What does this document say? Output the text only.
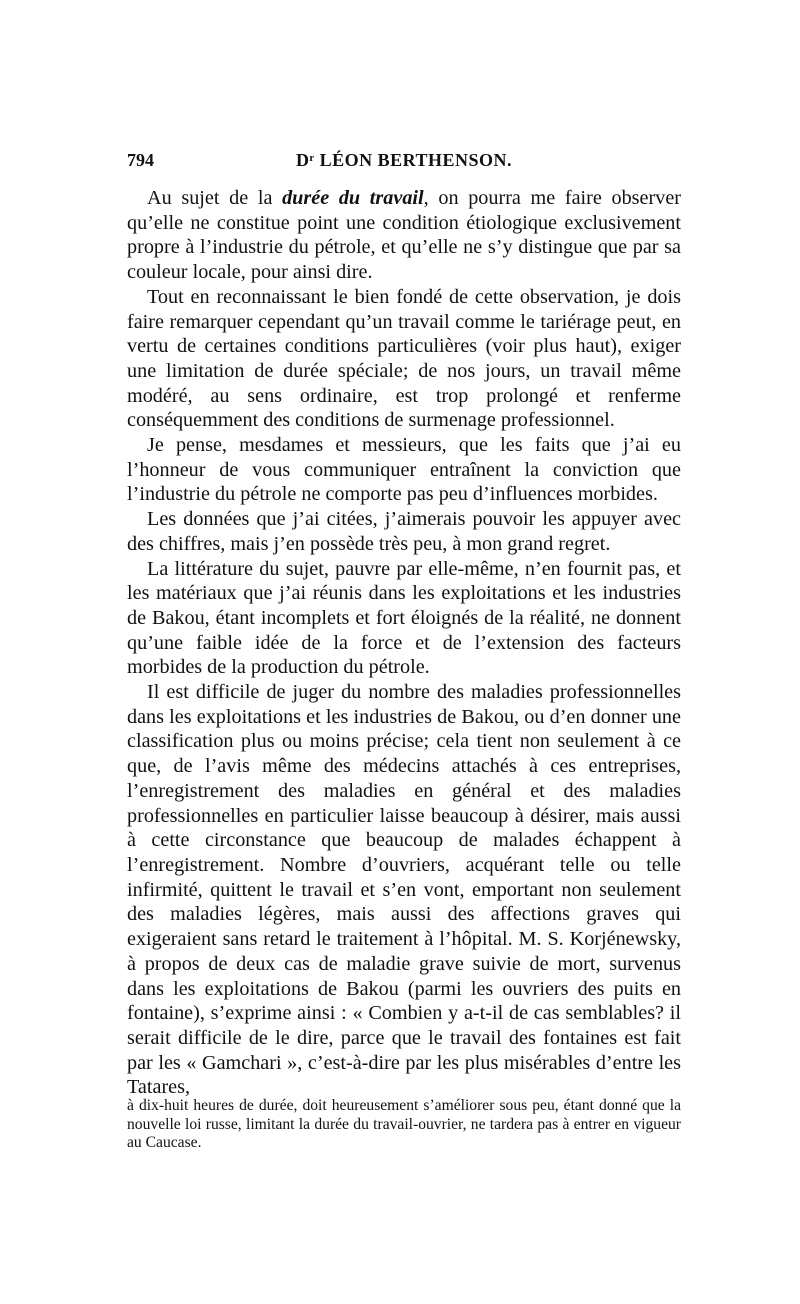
794	Dʳ LÉON BERTHENSON.

Au sujet de la durée du travail, on pourra me faire observer qu’elle ne constitue point une condition étiologique exclusivement propre à l’industrie du pétrole, et qu’elle ne s’y distingue que par sa couleur locale, pour ainsi dire.

Tout en reconnaissant le bien fondé de cette observation, je dois faire remarquer cependant qu’un travail comme le tariérage peut, en vertu de certaines conditions particulières (voir plus haut), exiger une limitation de durée spéciale; de nos jours, un travail même modéré, au sens ordinaire, est trop prolongé et renferme conséquemment des conditions de surmenage professionnel.

Je pense, mesdames et messieurs, que les faits que j’ai eu l’honneur de vous communiquer entraînent la conviction que l’industrie du pétrole ne comporte pas peu d’influences morbides.

Les données que j’ai citées, j’aimerais pouvoir les appuyer avec des chiffres, mais j’en possède très peu, à mon grand regret.

La littérature du sujet, pauvre par elle-même, n’en fournit pas, et les matériaux que j’ai réunis dans les exploitations et les industries de Bakou, étant incomplets et fort éloignés de la réalité, ne donnent qu’une faible idée de la force et de l’extension des facteurs morbides de la production du pétrole.

Il est difficile de juger du nombre des maladies professionnelles dans les exploitations et les industries de Bakou, ou d’en donner une classification plus ou moins précise; cela tient non seulement à ce que, de l’avis même des médecins attachés à ces entreprises, l’enregistrement des maladies en général et des maladies professionnelles en particulier laisse beaucoup à désirer, mais aussi à cette circonstance que beaucoup de malades échappent à l’enregistrement. Nombre d’ouvriers, acquérant telle ou telle infirmité, quittent le travail et s’en vont, emportant non seulement des maladies légères, mais aussi des affections graves qui exigeraient sans retard le traitement à l’hôpital. M. S. Korjénewsky, à propos de deux cas de maladie grave suivie de mort, survenus dans les exploitations de Bakou (parmi les ouvriers des puits en fontaine), s’exprime ainsi : « Combien y a-t-il de cas semblables? il serait difficile de le dire, parce que le travail des fontaines est fait par les « Gamchari », c’est-à-dire par les plus misérables d’entre les Tatares,

à dix-huit heures de durée, doit heureusement s’améliorer sous peu, étant donné que la nouvelle loi russe, limitant la durée du travail-ouvrier, ne tardera pas à entrer en vigueur au Caucase.
